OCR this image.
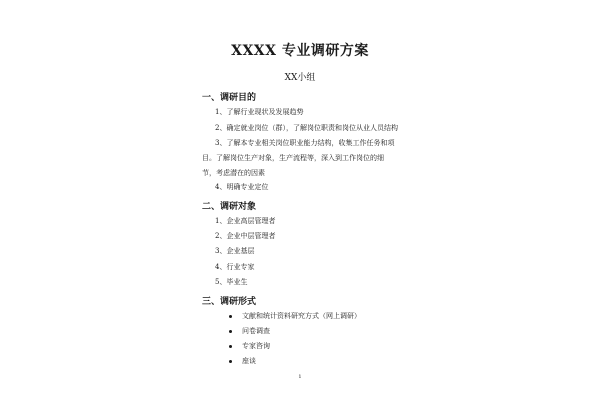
XXXX 专业调研方案
XX小组
一、调研目的
1、了解行业现状及发展趋势
2、确定就业岗位（群），了解岗位职责和岗位从业人员结构
3、了解本专业相关岗位职业能力结构，收集工作任务和项目。了解岗位生产对象，生产流程等，深入到工作岗位的细节，考虑潜在的因素
4、明确专业定位
二、调研对象
1、企业高层管理者
2、企业中层管理者
3、企业基层
4、行业专家
5、毕业生
三、调研形式
文献和统计资料研究方式（网上调研）
问卷调查
专家咨询
座谈
1
